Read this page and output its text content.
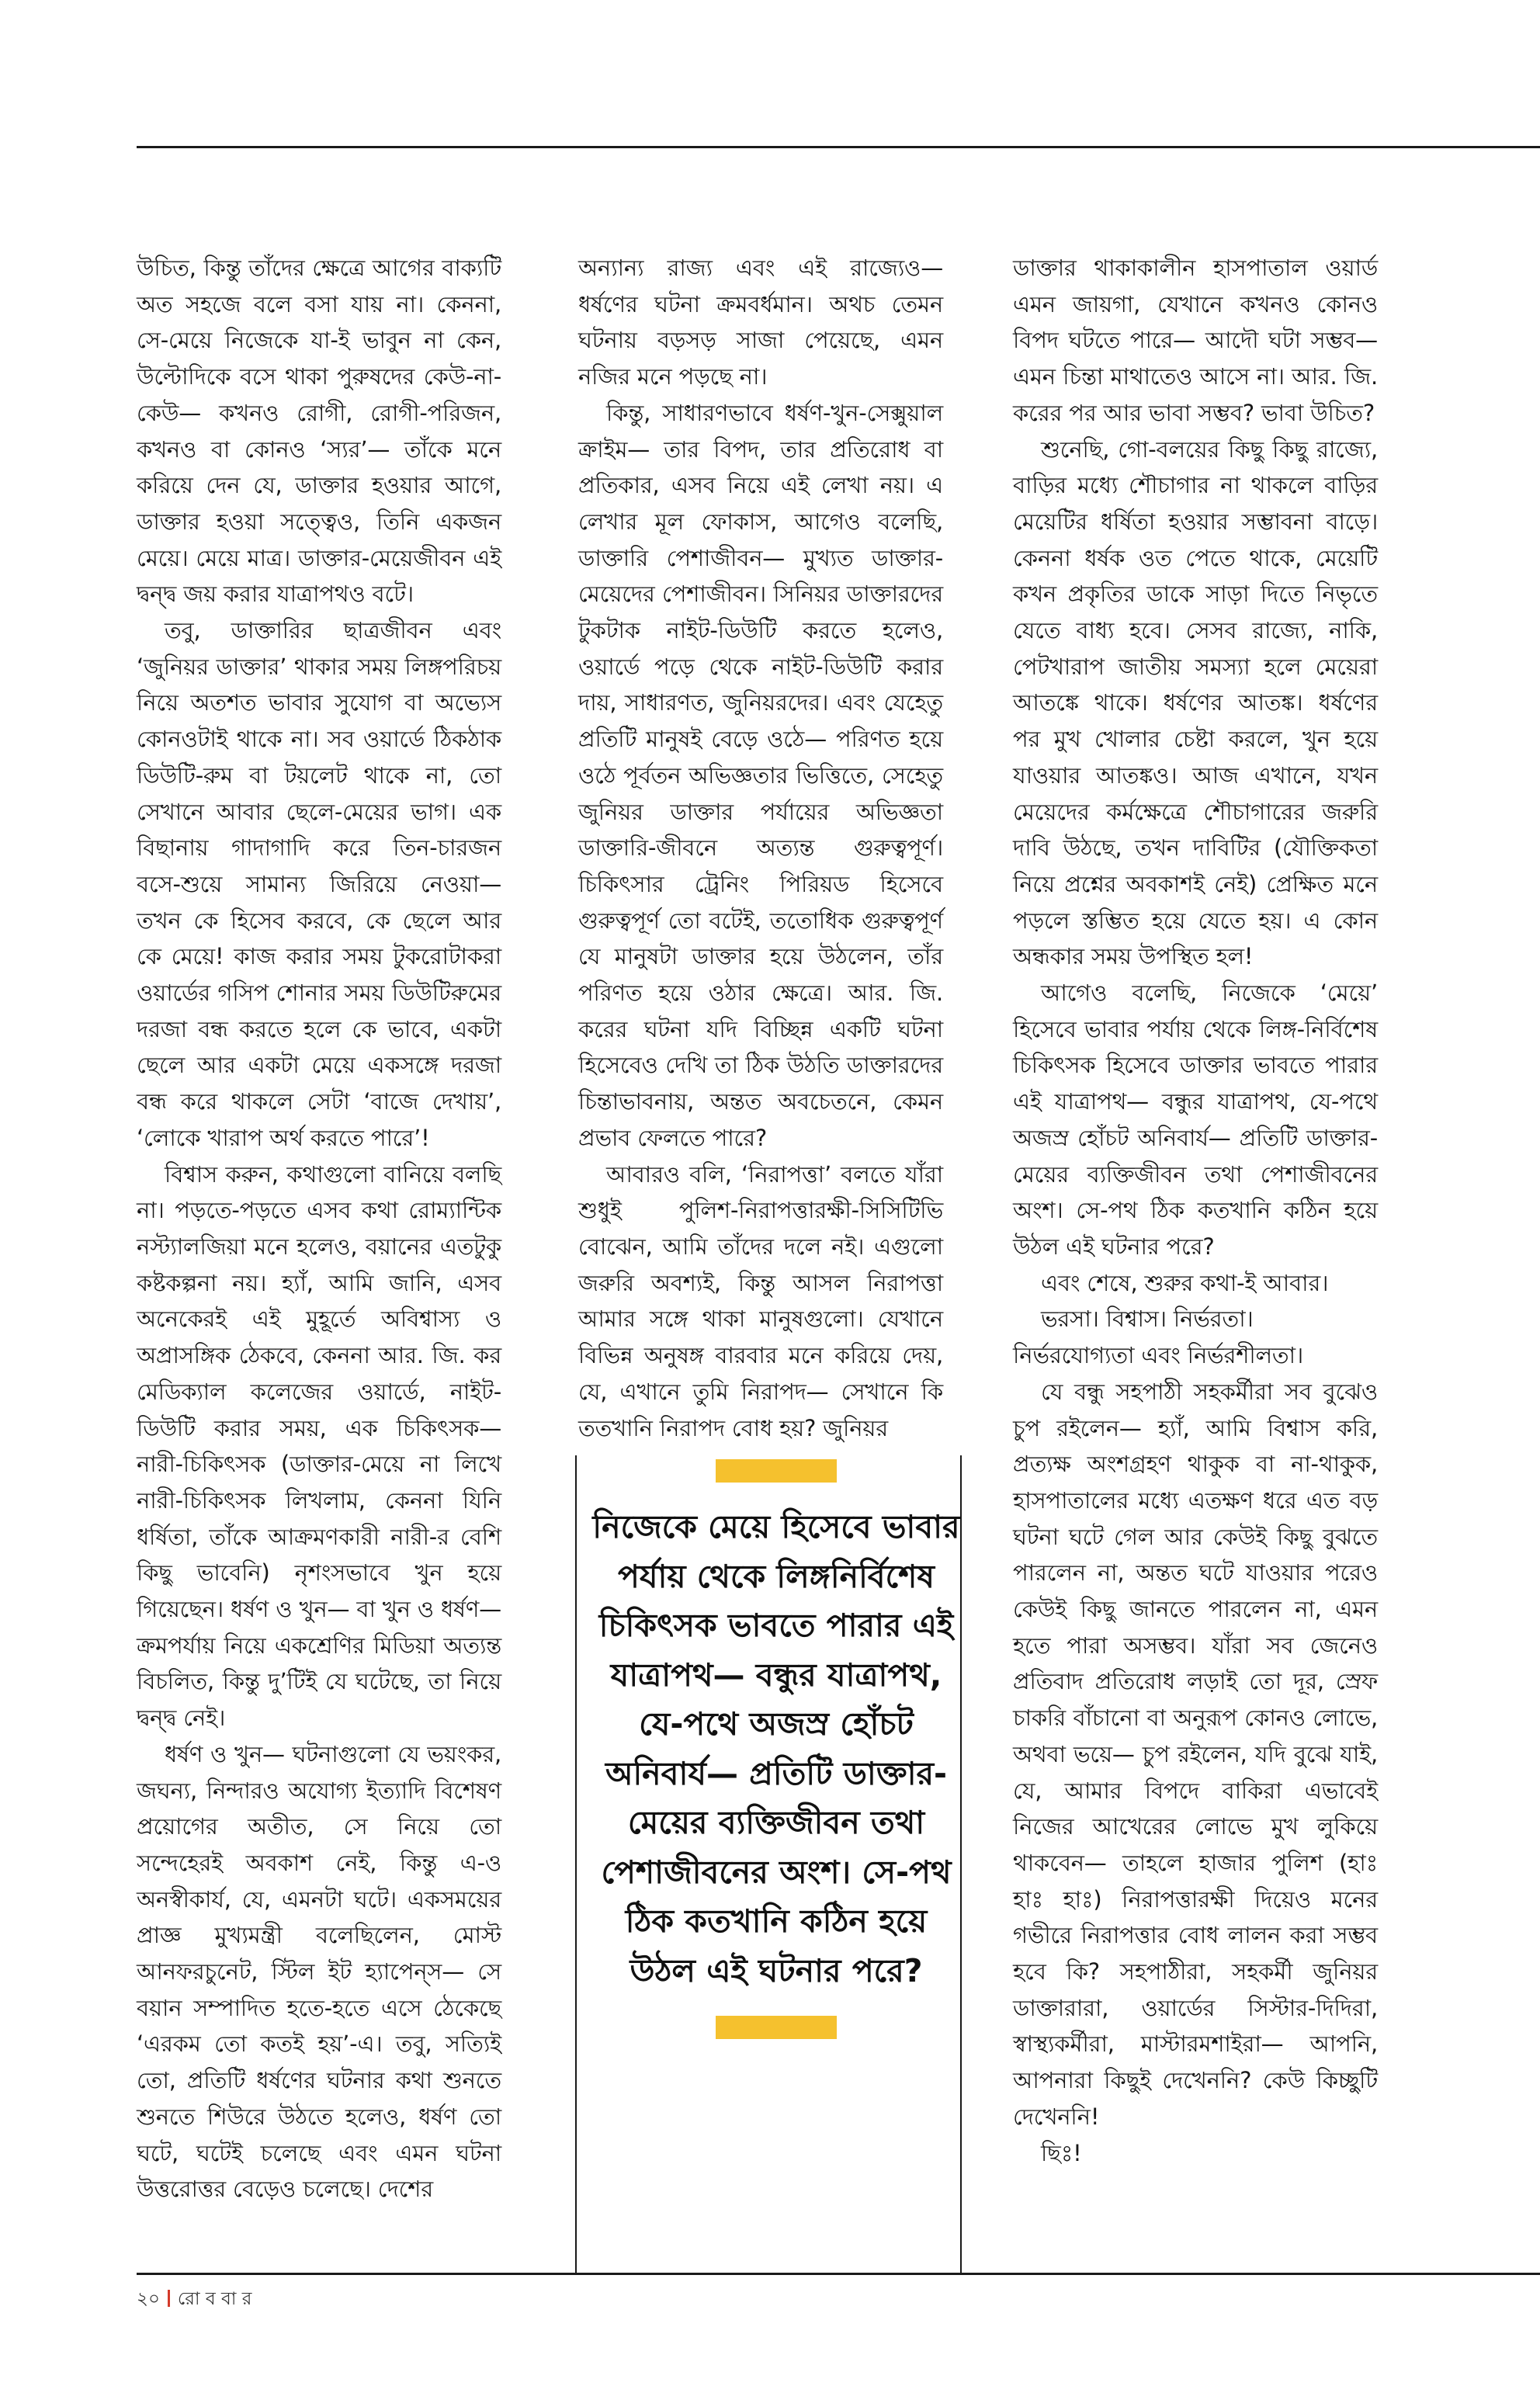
উচিত, কিন্তু তাঁদের ক্ষেত্রে আগের বাক্যটি অত সহজে বলে বসা যায় না। কেননা, সে-মেয়ে নিজেকে যা-ই ভাবুন না কেন, উল্টোদিকে বসে থাকা পুরুষদের কেউ-না-কেউ— কখনও রোগী, রোগী-পরিজন, কখনও বা কোনও ‘স্যর’— তাঁকে মনে করিয়ে দেন যে, ডাক্তার হওয়ার আগে, ডাক্তার হওয়া সত্ত্বেও, তিনি একজন মেয়ে। মেয়ে মাত্র। ডাক্তার-মেয়েজীবন এই দ্বন্দ্ব জয় করার যাত্রাপথও বটে।

তবু, ডাক্তারির ছাত্রজীবন এবং ‘জুনিয়র ডাক্তার’ থাকার সময় লিঙ্গপরিচয় নিয়ে অতশত ভাবার সুযোগ বা অভ্যেস কোনওটাই থাকে না। সব ওয়ার্ডে ঠিকঠাক ডিউটি-রুম বা টয়লেট থাকে না, তো সেখানে আবার ছেলে-মেয়ের ভাগ। এক বিছানায় গাদাগাদি করে তিন-চারজন বসে-শুয়ে সামান্য জিরিয়ে নেওয়া— তখন কে হিসেব করবে, কে ছেলে আর কে মেয়ে! কাজ করার সময় টুকরোটাকরা ওয়ার্ডের গসিপ শোনার সময় ডিউটিরুমের দরজা বন্ধ করতে হলে কে ভাবে, একটা ছেলে আর একটা মেয়ে একসঙ্গে দরজা বন্ধ করে থাকলে সেটা ‘বাজে দেখায়’, ‘লোকে খারাপ অর্থ করতে পারে’!

বিশ্বাস করুন, কথাগুলো বানিয়ে বলছি না। পড়তে-পড়তে এসব কথা রোম্যান্টিক নস্ট্যালজিয়া মনে হলেও, বয়ানের এতটুকু কষ্টকল্পনা নয়। হ্যাঁ, আমি জানি, এসব অনেকেরই এই মুহূর্তে অবিশ্বাস্য ও অপ্রাসঙ্গিক ঠেকবে, কেননা আর. জি. কর মেডিক্যাল কলেজের ওয়ার্ডে, নাইট-ডিউটি করার সময়, এক চিকিৎসক— নারী-চিকিৎসক (ডাক্তার-মেয়ে না লিখে নারী-চিকিৎসক লিখলাম, কেননা যিনি ধর্ষিতা, তাঁকে আক্রমণকারী নারী-র বেশি কিছু ভাবেনি) নৃশংসভাবে খুন হয়ে গিয়েছেন। ধর্ষণ ও খুন— বা খুন ও ধর্ষণ— ক্রমপর্যায় নিয়ে একশ্রেণির মিডিয়া অত্যন্ত বিচলিত, কিন্তু দু’টিই যে ঘটেছে, তা নিয়ে দ্বন্দ্ব নেই।

ধর্ষণ ও খুন— ঘটনাগুলো যে ভয়ংকর, জঘন্য, নিন্দারও অযোগ্য ইত্যাদি বিশেষণ প্রয়োগের অতীত, সে নিয়ে তো সন্দেহেরই অবকাশ নেই, কিন্তু এ-ও অনস্বীকার্য, যে, এমনটা ঘটে। একসময়ের প্রাজ্ঞ মুখ্যমন্ত্রী বলেছিলেন, মোস্ট আনফরচুনেট, স্টিল ইট হ্যাপেন্‌স— সে বয়ান সম্পাদিত হতে-হতে এসে ঠেকেছে ‘এরকম তো কতই হয়’-এ। তবু, সত্যিই তো, প্রতিটি ধর্ষণের ঘটনার কথা শুনতে শুনতে শিউরে উঠতে হলেও, ধর্ষণ তো ঘটে, ঘটেই চলেছে এবং এমন ঘটনা উত্তরোত্তর বেড়েও চলেছে। দেশের

অন্যান্য রাজ্য এবং এই রাজ্যেও— ধর্ষণের ঘটনা ক্রমবর্ধমান। অথচ তেমন ঘটনায় বড়সড় সাজা পেয়েছে, এমন নজির মনে পড়ছে না।

কিন্তু, সাধারণভাবে ধর্ষণ-খুন-সেক্সুয়াল ক্রাইম— তার বিপদ, তার প্রতিরোধ বা প্রতিকার, এসব নিয়ে এই লেখা নয়। এ লেখার মূল ফোকাস, আগেও বলেছি, ডাক্তারি পেশাজীবন— মুখ্যত ডাক্তার-মেয়েদের পেশাজীবন। সিনিয়র ডাক্তারদের টুকটাক নাইট-ডিউটি করতে হলেও, ওয়ার্ডে পড়ে থেকে নাইট-ডিউটি করার দায়, সাধারণত, জুনিয়রদের। এবং যেহেতু প্রতিটি মানুষই বেড়ে ওঠে— পরিণত হয়ে ওঠে পূর্বতন অভিজ্ঞতার ভিত্তিতে, সেহেতু জুনিয়র ডাক্তার পর্যায়ের অভিজ্ঞতা ডাক্তারি-জীবনে অত্যন্ত গুরুত্বপূর্ণ। চিকিৎসার ট্রেনিং পিরিয়ড হিসেবে গুরুত্বপূর্ণ তো বটেই, ততোধিক গুরুত্বপূর্ণ যে মানুষটা ডাক্তার হয়ে উঠলেন, তাঁর পরিণত হয়ে ওঠার ক্ষেত্রে। আর. জি. করের ঘটনা যদি বিচ্ছিন্ন একটি ঘটনা হিসেবেও দেখি তা ঠিক উঠতি ডাক্তারদের চিন্তাভাবনায়, অন্তত অবচেতনে, কেমন প্রভাব ফেলতে পারে?

আবারও বলি, ‘নিরাপত্তা’ বলতে যাঁরা শুধুই পুলিশ-নিরাপত্তারক্ষী-সিসিটিভি বোঝেন, আমি তাঁদের দলে নই। এগুলো জরুরি অবশ্যই, কিন্তু আসল নিরাপত্তা আমার সঙ্গে থাকা মানুষগুলো। যেখানে বিভিন্ন অনুষঙ্গ বারবার মনে করিয়ে দেয়, যে, এখানে তুমি নিরাপদ— সেখানে কি ততখানি নিরাপদ বোধ হয়? জুনিয়র

ডাক্তার থাকাকালীন হাসপাতাল ওয়ার্ড এমন জায়গা, যেখানে কখনও কোনও বিপদ ঘটতে পারে— আদৌ ঘটা সম্ভব— এমন চিন্তা মাথাতেও আসে না। আর. জি. করের পর আর ভাবা সম্ভব? ভাবা উচিত?

শুনেছি, গো-বলয়ের কিছু কিছু রাজ্যে, বাড়ির মধ্যে শৌচাগার না থাকলে বাড়ির মেয়েটির ধর্ষিতা হওয়ার সম্ভাবনা বাড়ে। কেননা ধর্ষক ওত পেতে থাকে, মেয়েটি কখন প্রকৃতির ডাকে সাড়া দিতে নিভৃতে যেতে বাধ্য হবে। সেসব রাজ্যে, নাকি, পেটখারাপ জাতীয় সমস্যা হলে মেয়েরা আতঙ্কে থাকে। ধর্ষণের আতঙ্ক। ধর্ষণের পর মুখ খোলার চেষ্টা করলে, খুন হয়ে যাওয়ার আতঙ্কও। আজ এখানে, যখন মেয়েদের কর্মক্ষেত্রে শৌচাগারের জরুরি দাবি উঠছে, তখন দাবিটির (যৌক্তিকতা নিয়ে প্রশ্নের অবকাশই নেই) প্রেক্ষিত মনে পড়লে স্তম্ভিত হয়ে যেতে হয়। এ কোন অন্ধকার সময় উপস্থিত হল!

আগেও বলেছি, নিজেকে ‘মেয়ে’ হিসেবে ভাবার পর্যায় থেকে লিঙ্গ-নির্বিশেষ চিকিৎসক হিসেবে ডাক্তার ভাবতে পারার এই যাত্রাপথ— বন্ধুর যাত্রাপথ, যে-পথে অজস্র হোঁচট অনিবার্য— প্রতিটি ডাক্তার-মেয়ের ব্যক্তিজীবন তথা পেশাজীবনের অংশ। সে-পথ ঠিক কতখানি কঠিন হয়ে উঠল এই ঘটনার পরে?

এবং শেষে, শুরুর কথা-ই আবার।

ভরসা। বিশ্বাস। নির্ভরতা।

নির্ভরযোগ্যতা এবং নির্ভরশীলতা।

যে বন্ধু সহপাঠী সহকর্মীরা সব বুঝেও চুপ রইলেন— হ্যাঁ, আমি বিশ্বাস করি, প্রত্যক্ষ অংশগ্রহণ থাকুক বা না-থাকুক, হাসপাতালের মধ্যে এতক্ষণ ধরে এত বড় ঘটনা ঘটে গেল আর কেউই কিছু বুঝতে পারলেন না, অন্তত ঘটে যাওয়ার পরেও কেউই কিছু জানতে পারলেন না, এমন হতে পারা অসম্ভব। যাঁরা সব জেনেও প্রতিবাদ প্রতিরোধ লড়াই তো দূর, স্রেফ চাকরি বাঁচানো বা অনুরূপ কোনও লোভে, অথবা ভয়ে— চুপ রইলেন, যদি বুঝে যাই, যে, আমার বিপদে বাকিরা এভাবেই নিজের আখেরের লোভে মুখ লুকিয়ে থাকবেন— তাহলে হাজার পুলিশ (হাঃ হাঃ হাঃ) নিরাপত্তারক্ষী দিয়েও মনের গভীরে নিরাপত্তার বোধ লালন করা সম্ভব হবে কি? সহপাঠীরা, সহকর্মী জুনিয়র ডাক্তারারা, ওয়ার্ডের সিস্টার-দিদিরা, স্বাস্থ্যকর্মীরা, মাস্টারমশাইরা— আপনি, আপনারা কিছুই দেখেননি? কেউ কিচ্ছুটি দেখেননি!

ছিঃ!

নিজেকে মেয়ে হিসেবে ভাবার পর্যায় থেকে লিঙ্গনির্বিশেষ চিকিৎসক ভাবতে পারার এই যাত্রাপথ— বন্ধুর যাত্রাপথ, যে-পথে অজস্র হোঁচট অনিবার্য— প্রতিটি ডাক্তার-মেয়ের ব্যক্তিজীবন তথা পেশাজীবনের অংশ। সে-পথ ঠিক কতখানি কঠিন হয়ে উঠল এই ঘটনার পরে?
২০ রো ব বা র
